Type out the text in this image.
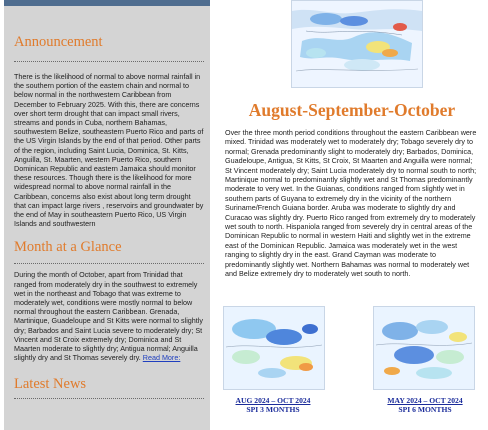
Announcement

There is the likelihood of normal to above normal rainfall in the southern portion of the eastern chain and normal to below normal in the northwestern Caribbean from December to February 2025. With this, there are concerns over short term drought that can impact small rivers, streams and ponds in Cuba, northern Bahamas, southwestern Belize, southeastern Puerto Rico and parts of the US Virgin Islands by the end of that period. Other parts of the region, including Saint Lucia, Dominica, St. Kitts, Anguilla, St. Maarten, western Puerto Rico, southern Dominican Republic and eastern Jamaica should monitor these resources. Though there is the likelihood for more widespread normal to above normal rainfall in the Caribbean, concerns also exist about long term drought that can impact large rivers , reservoirs and groundwater by the end of May in southeastern Puerto Rico, US Virgin Islands and southwestern

Month at a Glance

During the month of October, apart from Trinidad that ranged from moderately dry in the southwest to extremely wet in the northeast and Tobago that was extreme to moderately wet, conditions were mostly normal to below normal throughout the eastern Caribbean. Grenada, Martinique, Guadeloupe and St Kitts were normal to slightly dry; Barbados and Saint Lucia severe to moderately dry; St Vincent and St Croix extremely dry; Dominica and St Maarten moderate to slightly dry; Antigua normal; Anguilla slightly dry and St Thomas severely dry. Read More:

Latest News
August-September-October

Over the three month period conditions throughout the eastern Caribbean were mixed. Trinidad was moderately wet to moderately dry; Tobago severely dry to normal; Grenada predominantly slight to moderately dry; Barbados, Dominica, Guadeloupe, Antigua, St Kitts, St Croix, St Maarten and Anguilla were normal; St Vincent moderately dry; Saint Lucia moderately dry to normal south to north; Martinique normal to predominantly slightly wet and St Thomas predominantly moderate to very wet. In the Guianas, conditions ranged from slightly wet in southern parts of Guyana to extremely dry in the vicinity of the northern Suriname/French Guiana border. Aruba was moderate to slightly dry and Curacao was slightly dry. Puerto Rico ranged from extremely dry to moderately wet south to north. Hispaniola ranged from severely dry in central areas of the Dominican Republic to normal in western Haiti and slightly wet in the extreme east of the Dominican Republic. Jamaica was moderately wet in the west ranging to slightly dry in the east. Grand Cayman was moderate to predominantly slightly wet. Northern Bahamas was normal to moderately wet and Belize extremely dry to moderately wet south to north.

AUG 2024 – OCT 2024
SPI 3 MONTHS

MAY 2024 – OCT 2024
SPI 6 MONTHS
